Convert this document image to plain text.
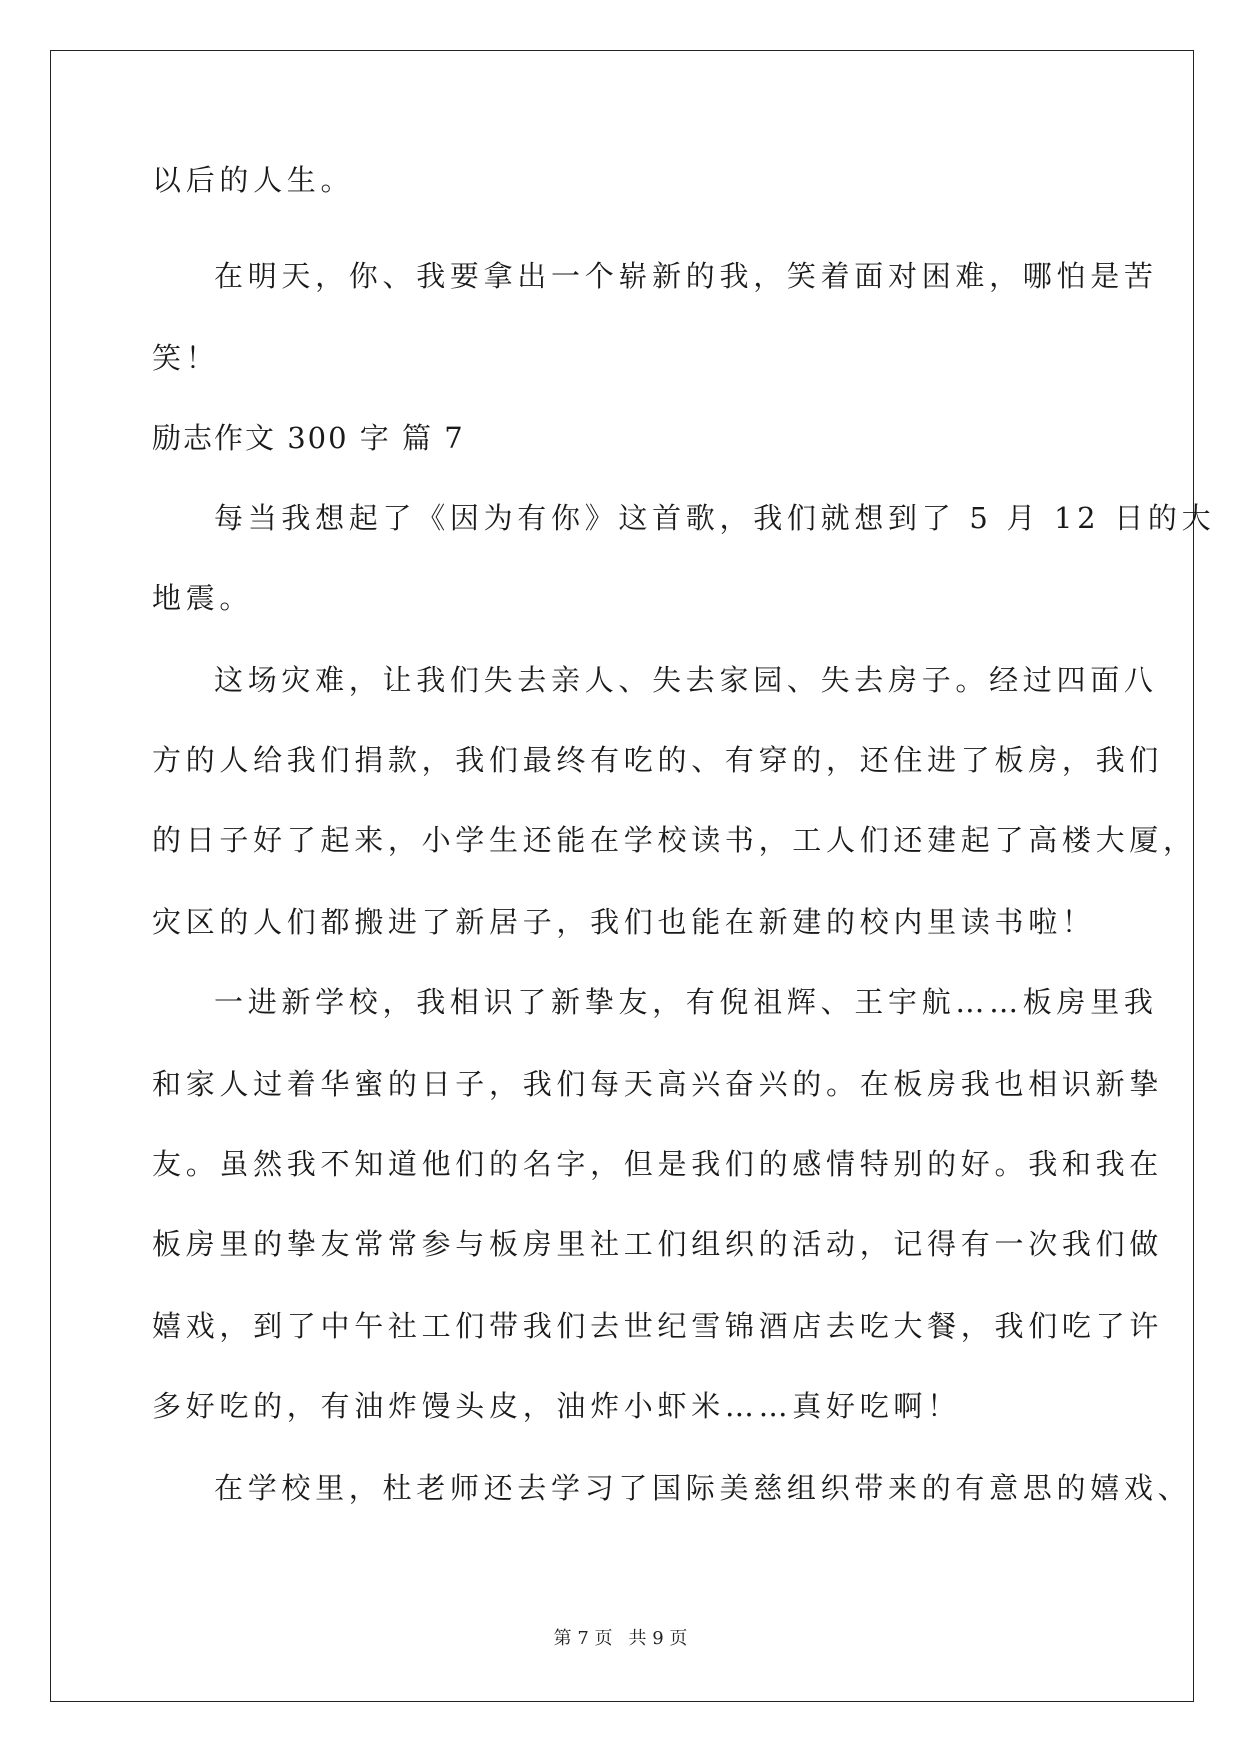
以后的人生。
在明天，你、我要拿出一个崭新的我，笑着面对困难，哪怕是苦
笑！
励志作文 300 字 篇 7
每当我想起了《因为有你》这首歌，我们就想到了 5 月 12 日的大
地震。
这场灾难，让我们失去亲人、失去家园、失去房子。经过四面八
方的人给我们捐款，我们最终有吃的、有穿的，还住进了板房，我们
的日子好了起来，小学生还能在学校读书，工人们还建起了高楼大厦，
灾区的人们都搬进了新居子，我们也能在新建的校内里读书啦！
一进新学校，我相识了新挚友，有倪祖辉、王宇航……板房里我
和家人过着华蜜的日子，我们每天高兴奋兴的。在板房我也相识新挚
友。虽然我不知道他们的名字，但是我们的感情特别的好。我和我在
板房里的挚友常常参与板房里社工们组织的活动，记得有一次我们做
嬉戏，到了中午社工们带我们去世纪雪锦酒店去吃大餐，我们吃了许
多好吃的，有油炸馒头皮，油炸小虾米……真好吃啊！
在学校里，杜老师还去学习了国际美慈组织带来的有意思的嬉戏、
第 7 页 共 9 页
